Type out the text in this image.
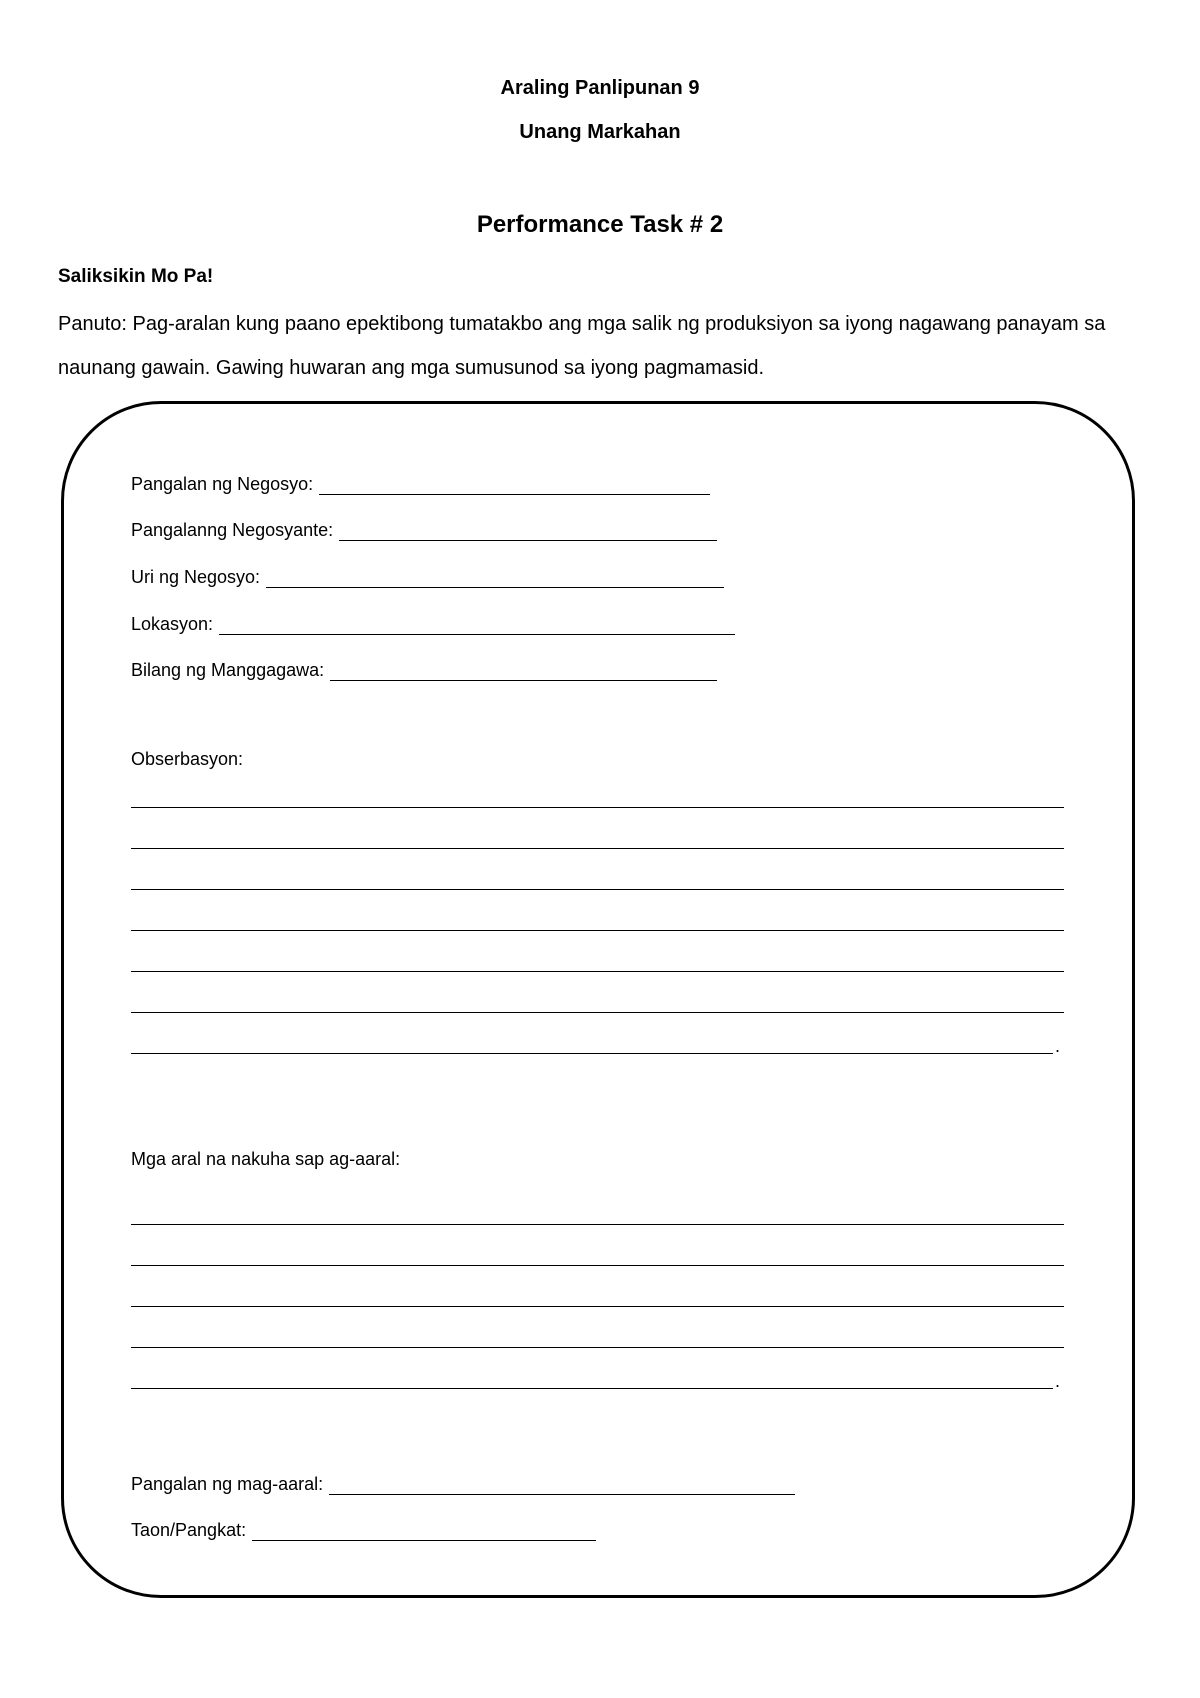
Araling Panlipunan 9
Unang Markahan
Performance Task # 2
Saliksikin Mo Pa!
Panuto: Pag-aralan kung paano epektibong tumatakbo ang mga salik ng produksiyon sa iyong nagawang panayam sa naunang gawain. Gawing huwaran ang mga sumusunod sa iyong pagmamasid.
Pangalan ng Negosyo:
Pangalanng Negosyante:
Uri ng Negosyo:
Lokasyon:
Bilang ng Manggagawa:
Obserbasyon:
.
Mga aral na nakuha sap ag-aaral:
.
Pangalan ng mag-aaral:
Taon/Pangkat:
